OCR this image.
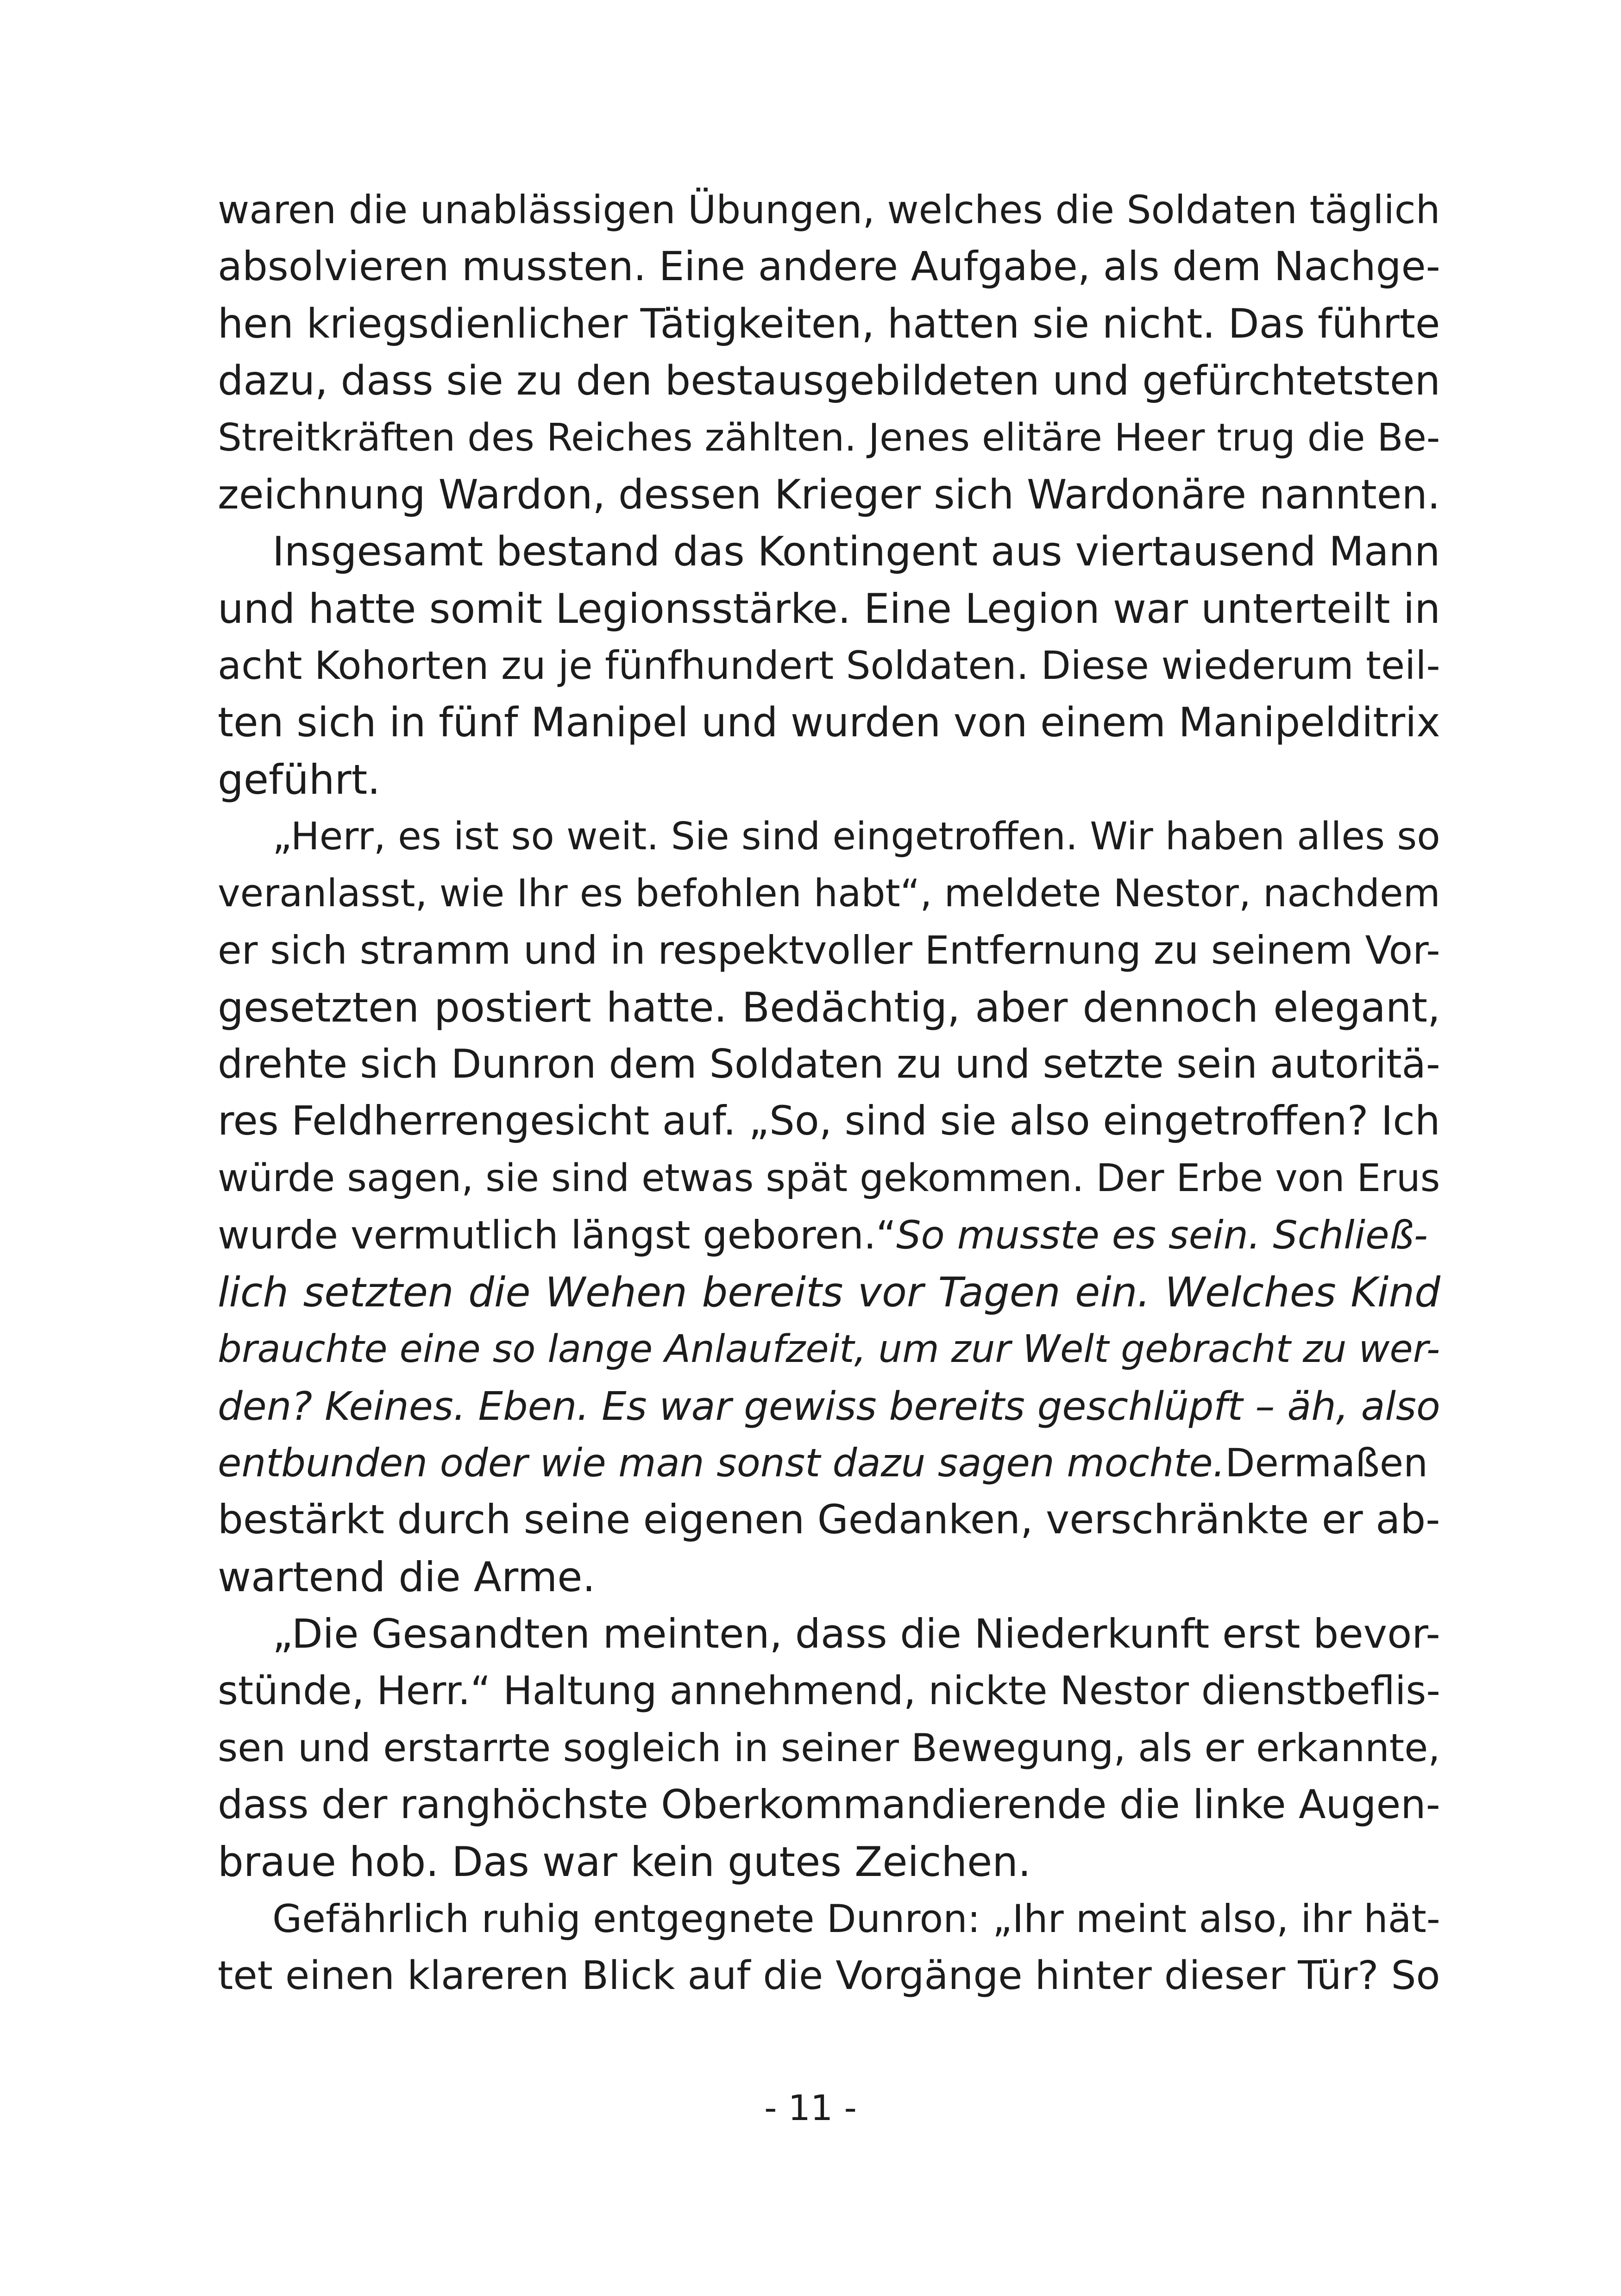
waren die unablässigen Übungen, welches die Soldaten täglich
absolvieren mussten. Eine andere Aufgabe, als dem Nachge-
hen kriegsdienlicher Tätigkeiten, hatten sie nicht. Das führte
dazu, dass sie zu den bestausgebildeten und gefürchtetsten
Streitkräften des Reiches zählten. Jenes elitäre Heer trug die Be-
zeichnung Wardon, dessen Krieger sich Wardonäre nannten.
Insgesamt bestand das Kontingent aus viertausend Mann
und hatte somit Legionsstärke. Eine Legion war unterteilt in
acht Kohorten zu je fünfhundert Soldaten. Diese wiederum teil-
ten sich in fünf Manipel und wurden von einem Manipelditrix
geführt.
„Herr, es ist so weit. Sie sind eingetroffen. Wir haben alles so
veranlasst, wie Ihr es befohlen habt“, meldete Nestor, nachdem
er sich stramm und in respektvoller Entfernung zu seinem Vor-
gesetzten postiert hatte. Bedächtig, aber dennoch elegant,
drehte sich Dunron dem Soldaten zu und setzte sein autoritä-
res Feldherrengesicht auf. „So, sind sie also eingetroffen? Ich
würde sagen, sie sind etwas spät gekommen. Der Erbe von Erus
wurde vermutlich längst geboren.“So musste es sein. Schließ-
lich setzten die Wehen bereits vor Tagen ein. Welches Kind
brauchte eine so lange Anlaufzeit, um zur Welt gebracht zu wer-
den? Keines. Eben. Es war gewiss bereits geschlüpft – äh, also
entbunden oder wie man sonst dazu sagen mochte.Dermaßen
bestärkt durch seine eigenen Gedanken, verschränkte er ab-
wartend die Arme.
„Die Gesandten meinten, dass die Niederkunft erst bevor-
stünde, Herr.“ Haltung annehmend, nickte Nestor dienstbeflis-
sen und erstarrte sogleich in seiner Bewegung, als er erkannte,
dass der ranghöchste Oberkommandierende die linke Augen-
braue hob. Das war kein gutes Zeichen.
Gefährlich ruhig entgegnete Dunron: „Ihr meint also, ihr hät-
tet einen klareren Blick auf die Vorgänge hinter dieser Tür? So
- 11 -
